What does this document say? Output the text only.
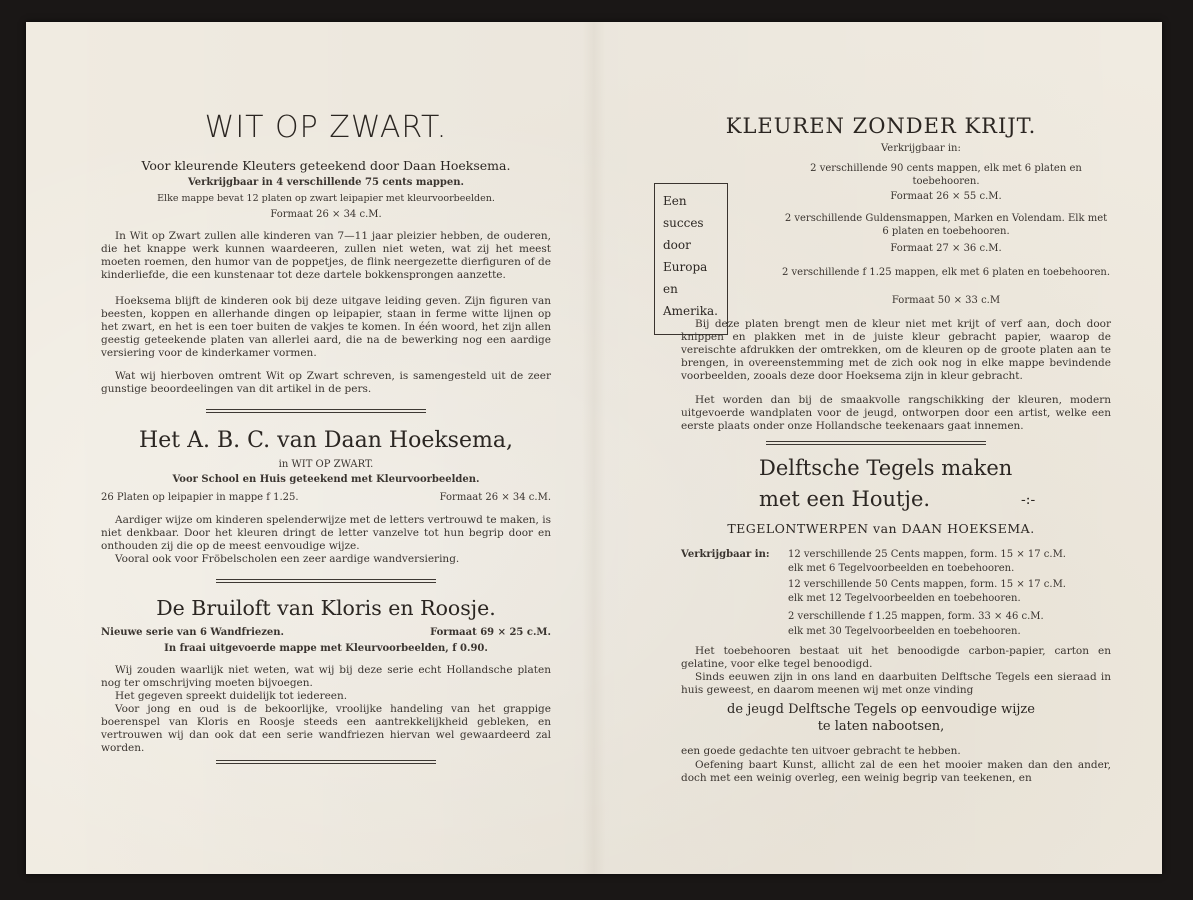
WIT OP ZWART.
Voor kleurende Kleuters geteekend door Daan Hoeksema.
Verkrijgbaar in 4 verschillende 75 cents mappen.
Elke mappe bevat 12 platen op zwart leipapier met kleurvoorbeelden.
Formaat 26 × 34 c.M.

In Wit op Zwart zullen alle kinderen van 7—11 jaar pleizier hebben, de ouderen, die het knappe werk kunnen waardeeren, zullen niet weten, wat zij het meest moeten roemen, den humor van de poppetjes, de flink neergezette dierfiguren of de kinderliefde, die een kunstenaar tot deze dartele bokkensprongen aanzette.

Hoeksema blijft de kinderen ook bij deze uitgave leiding geven. Zijn figuren van beesten, koppen en allerhande dingen op leipapier, staan in ferme witte lijnen op het zwart, en het is een toer buiten de vakjes te komen. In één woord, het zijn allen geestig geteekende platen van allerlei aard, die na de bewerking nog een aardige versiering voor de kinderkamer vormen.

Wat wij hierboven omtrent Wit op Zwart schreven, is samengesteld uit de zeer gunstige beoordeelingen van dit artikel in de pers.

Het A. B. C. van Daan Hoeksema,
in WIT OP ZWART.
Voor School en Huis geteekend met Kleurvoorbeelden.
26 Platen op leipapier in mappe f 1.25.	Formaat 26 × 34 c.M.

Aardiger wijze om kinderen spelenderwijze met de letters vertrouwd te maken, is niet denkbaar. Door het kleuren dringt de letter vanzelve tot hun begrip door en onthouden zij die op de meest eenvoudige wijze.

Vooral ook voor Fröbelscholen een zeer aardige wandversiering.

De Bruiloft van Kloris en Roosje.
Nieuwe serie van 6 Wandfriezen.	Formaat 69 × 25 c.M.
In fraai uitgevoerde mappe met Kleurvoorbeelden, f 0.90.

Wij zouden waarlijk niet weten, wat wij bij deze serie echt Hollandsche platen nog ter omschrijving moeten bijvoegen.

Het gegeven spreekt duidelijk tot iedereen.

Voor jong en oud is de bekoorlijke, vroolijke handeling van het grappige boerenspel van Kloris en Roosje steeds een aantrekkelijkheid gebleken, en vertrouwen wij dan ook dat een serie wandfriezen hiervan wel gewaardeerd zal worden.

KLEUREN ZONDER KRIJT.
Verkrijgbaar in:
2 verschillende 90 cents mappen, elk met 6 platen en toebehooren.
Formaat 26 × 55 c.M.
2 verschillende Guldensmappen, Marken en Volendam. Elk met 6 platen en toebehooren.
Formaat 27 × 36 c.M.
2 verschillende f 1.25 mappen, elk met 6 platen en toebehooren.
Formaat 50 × 33 c.M

Bij deze platen brengt men de kleur niet met krijt of verf aan, doch door knippen en plakken met in de juiste kleur gebracht papier, waarop de vereischte afdrukken der omtrekken, om de kleuren op de groote platen aan te brengen, in overeenstemming met de zich ook nog in elke mappe bevindende voorbeelden, zooals deze door Hoeksema zijn in kleur gebracht.

Het worden dan bij de smaakvolle rangschikking der kleuren, modern uitgevoerde wandplaten voor de jeugd, ontworpen door een artist, welke een eerste plaats onder onze Hollandsche teekenaars gaat innemen.

Delftsche Tegels maken
met een Houtje.	-:-
TEGELONTWERPEN van DAAN HOEKSEMA.
Verkrijgbaar in: 12 verschillende 25 Cents mappen, form. 15 × 17 c.M.
elk met 6 Tegelvoorbeelden en toebehooren.
12 verschillende 50 Cents mappen, form. 15 × 17 c.M.
elk met 12 Tegelvoorbeelden en toebehooren.
2 verschillende f 1.25 mappen, form. 33 × 46 c.M.
elk met 30 Tegelvoorbeelden en toebehooren.

Het toebehooren bestaat uit het benoodigde carbon-papier, carton en gelatine, voor elke tegel benoodigd.

Sinds eeuwen zijn in ons land en daarbuiten Delftsche Tegels een sieraad in huis geweest, en daarom meenen wij met onze vinding

de jeugd Delftsche Tegels op eenvoudige wijze
te laten nabootsen,

een goede gedachte ten uitvoer gebracht te hebben.

Oefening baart Kunst, allicht zal de een het mooier maken dan den ander, doch met een weinig overleg, een weinig begrip van teekenen, en

Een
succes
door
Europa
en
Amerika.
